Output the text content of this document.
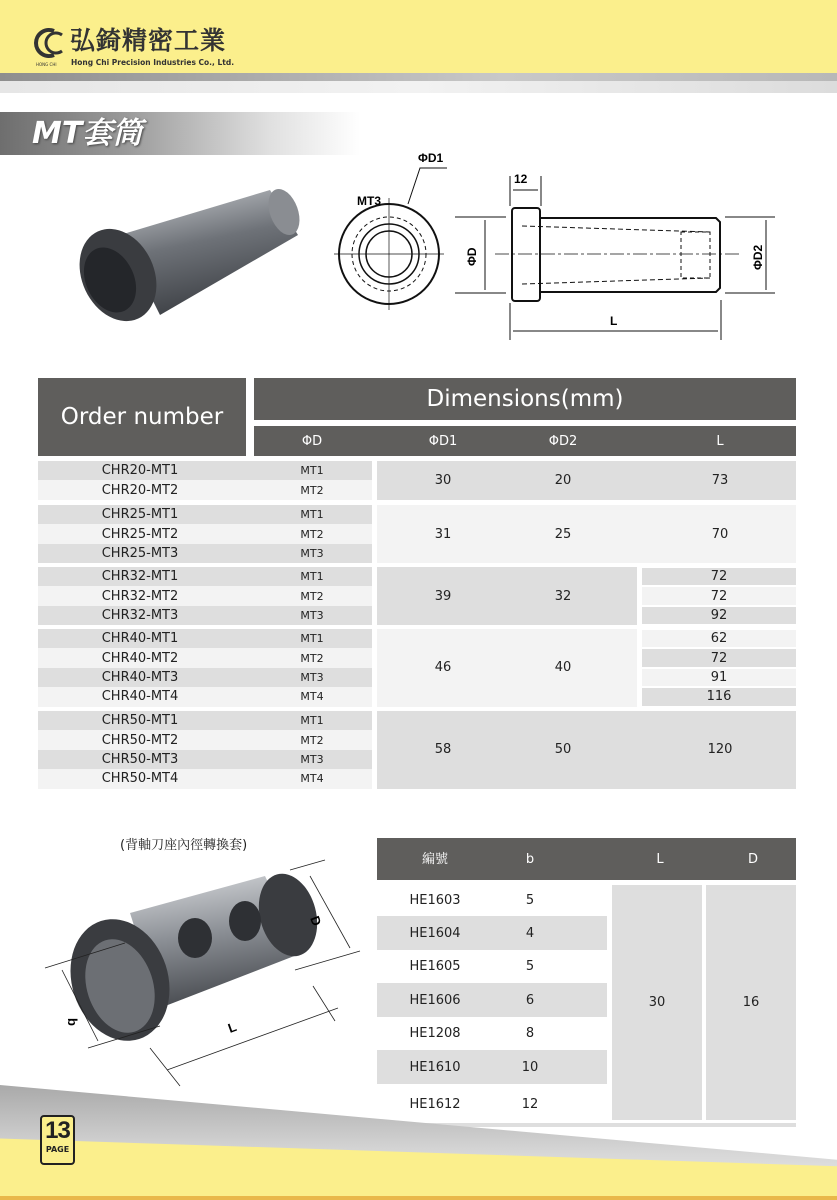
HONG CHI
弘錡精密工業
Hong Chi Precision Industries Co., Ltd.
MT套筒
ΦD1
MT3
12
ΦD	ΦD2
L
Order number
Dimensions(mm)
ΦD	ΦD1	ΦD2	L
CHR20-MT1	MT1
CHR20-MT2	MT2
30	20	73
CHR25-MT1	MT1
CHR25-MT2	MT2
CHR25-MT3	MT3
31	25	70
CHR32-MT1	MT1
CHR32-MT2	MT2
CHR32-MT3	MT3
39	32
72
72
92
CHR40-MT1	MT1
CHR40-MT2	MT2
CHR40-MT3	MT3
CHR40-MT4	MT4
46	40
62
72
91
116
CHR50-MT1	MT1
CHR50-MT2	MT2
CHR50-MT3	MT3
CHR50-MT4	MT4
58	50	120
(背軸刀座內徑轉換套)
b	L
D
編號	b	L	D
30	16
HE1603	5
HE1604	4
HE1605	5
HE1606	6
HE1208	8
HE1610	10
HE1612	12
13
PAGE
